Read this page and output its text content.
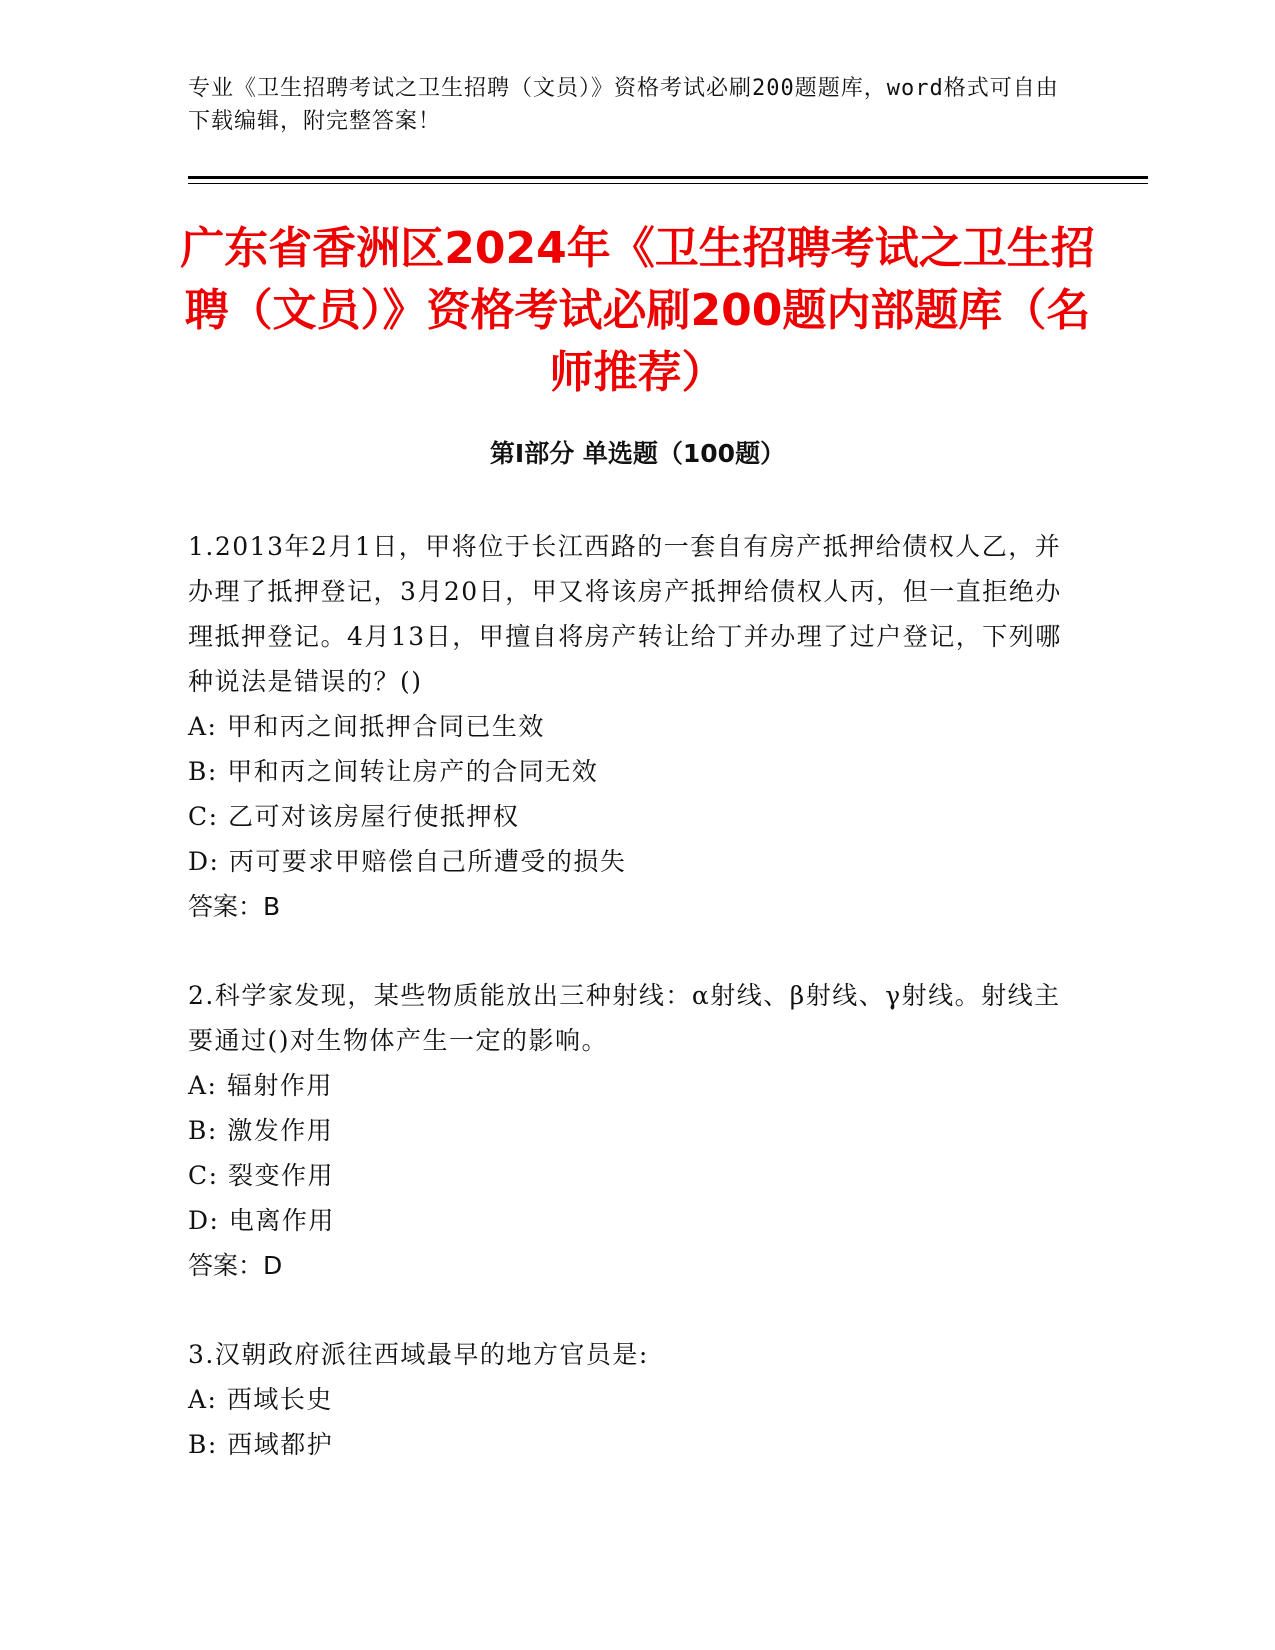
专业《卫生招聘考试之卫生招聘（文员）》资格考试必刷200题题库，word格式可自由下载编辑，附完整答案！
广东省香洲区2024年《卫生招聘考试之卫生招聘（文员）》资格考试必刷200题内部题库（名师推荐）
第Ⅰ部分 单选题（100题）

1.2013年2月1日，甲将位于长江西路的一套自有房产抵押给债权人乙，并办理了抵押登记，3月20日，甲又将该房产抵押给债权人丙，但一直拒绝办理抵押登记。4月13日，甲擅自将房产转让给丁并办理了过户登记，下列哪种说法是错误的？()

A: 甲和丙之间抵押合同已生效

B: 甲和丙之间转让房产的合同无效

C: 乙可对该房屋行使抵押权

D: 丙可要求甲赔偿自己所遭受的损失

答案：B

2.科学家发现，某些物质能放出三种射线：α射线、β射线、γ射线。射线主要通过()对生物体产生一定的影响。

A: 辐射作用

B: 激发作用

C: 裂变作用

D: 电离作用

答案：D

3.汉朝政府派往西域最早的地方官员是:

A: 西域长史

B: 西域都护
